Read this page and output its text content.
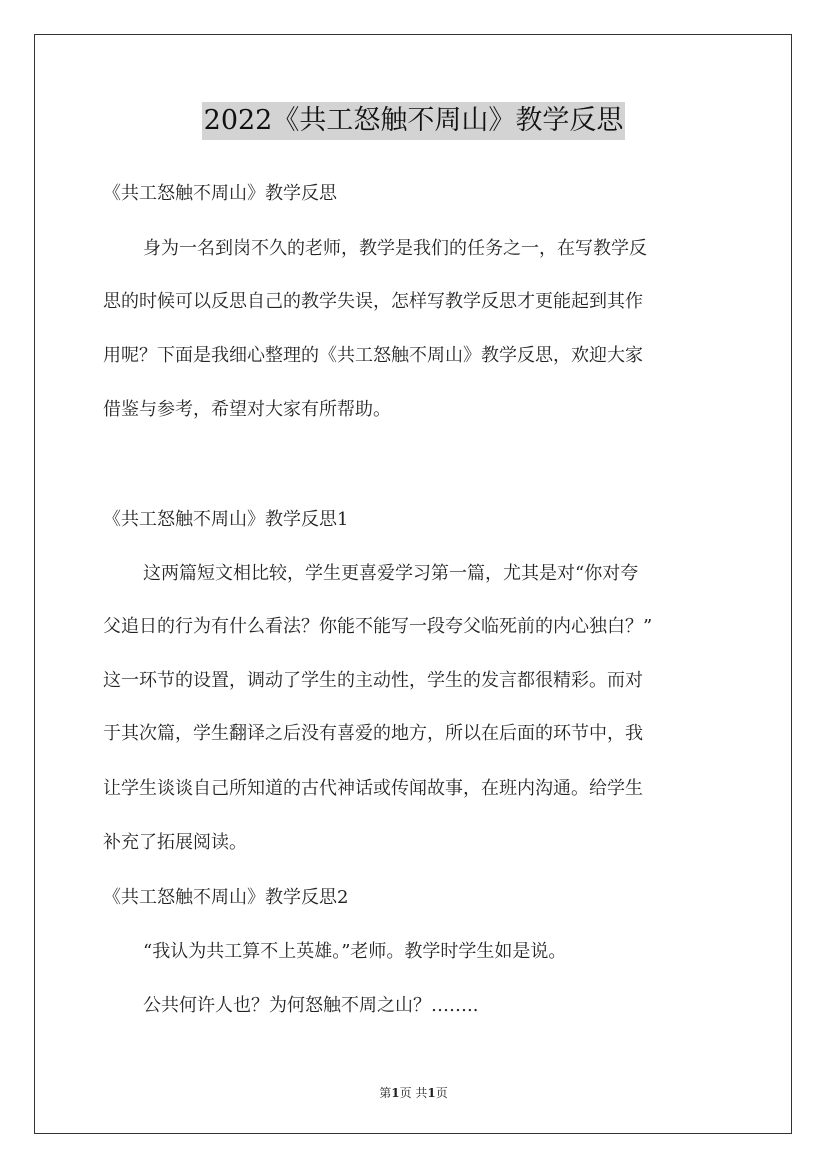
2022《共工怒触不周山》教学反思
《共工怒触不周山》教学反思
身为一名到岗不久的老师，教学是我们的任务之一，在写教学反
思的时候可以反思自己的教学失误，怎样写教学反思才更能起到其作
用呢？下面是我细心整理的《共工怒触不周山》教学反思，欢迎大家
借鉴与参考，希望对大家有所帮助。
《共工怒触不周山》教学反思1
这两篇短文相比较，学生更喜爱学习第一篇，尤其是对“你对夸
父追日的行为有什么看法？你能不能写一段夸父临死前的内心独白？”
这一环节的设置，调动了学生的主动性，学生的发言都很精彩。而对
于其次篇，学生翻译之后没有喜爱的地方，所以在后面的环节中，我
让学生谈谈自己所知道的古代神话或传闻故事，在班内沟通。给学生
补充了拓展阅读。
《共工怒触不周山》教学反思2
“我认为共工算不上英雄。”老师。教学时学生如是说。
公共何许人也？为何怒触不周之山？……..
第1页 共1页
